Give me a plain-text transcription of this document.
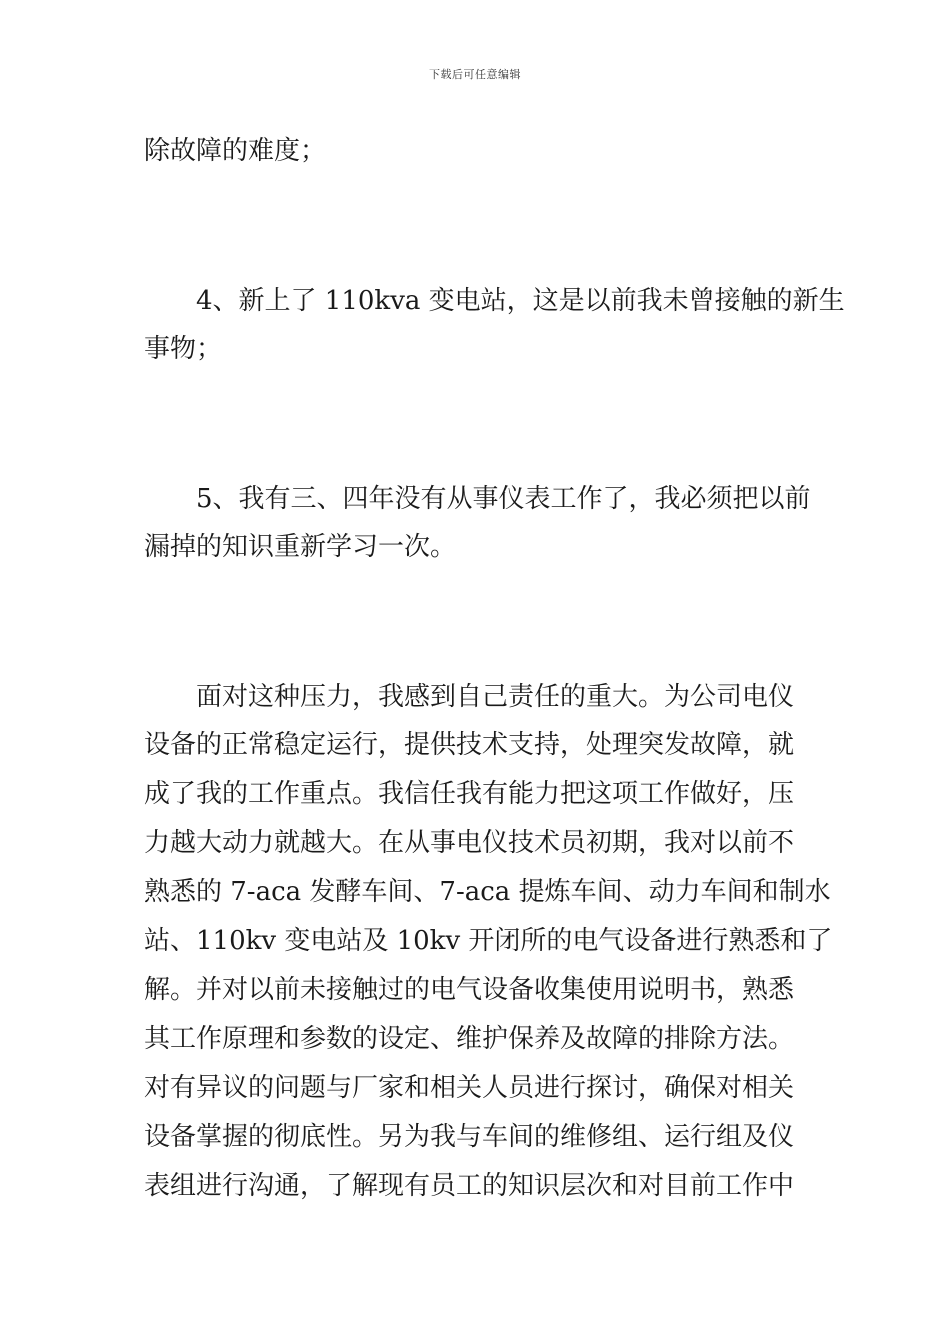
下载后可任意编辑
除故障的难度；
4、新上了 110kva 变电站，这是以前我未曾接触的新生
事物；
5、我有三、四年没有从事仪表工作了，我必须把以前
漏掉的知识重新学习一次。
面对这种压力，我感到自己责任的重大。为公司电仪
设备的正常稳定运行，提供技术支持，处理突发故障，就
成了我的工作重点。我信任我有能力把这项工作做好，压
力越大动力就越大。在从事电仪技术员初期，我对以前不
熟悉的 7-aca 发酵车间、7-aca 提炼车间、动力车间和制水
站、110kv 变电站及 10kv 开闭所的电气设备进行熟悉和了
解。并对以前未接触过的电气设备收集使用说明书，熟悉
其工作原理和参数的设定、维护保养及故障的排除方法。
对有异议的问题与厂家和相关人员进行探讨，确保对相关
设备掌握的彻底性。另为我与车间的维修组、运行组及仪
表组进行沟通，了解现有员工的知识层次和对目前工作中
